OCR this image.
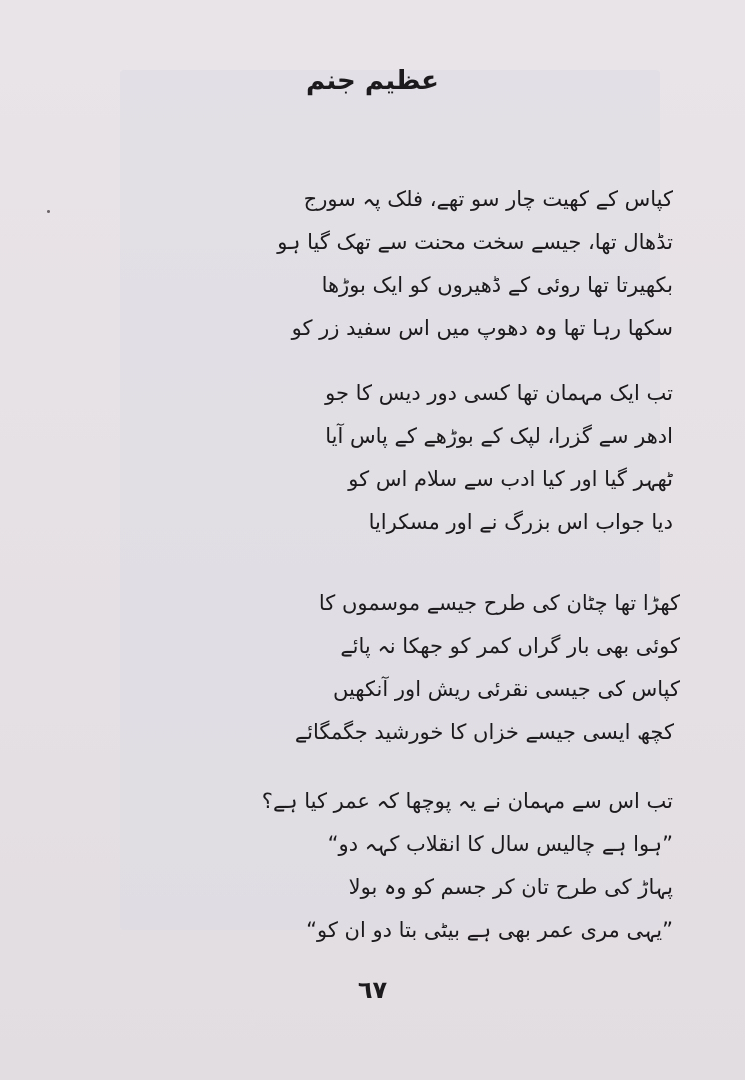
عظیم جنم
کپاس کے کھیت چار سو تھے، فلک پہ سورج
تڈھال تھا، جیسے سخت محنت سے تھک گیا ہو
بکھیرتا تھا روئی کے ڈھیروں کو ایک بوڑھا
سکھا رہا تھا وہ دھوپ میں اس سفید زر کو
تب ایک مہمان تھا کسی دور دیس کا جو
ادھر سے گزرا، لپک کے بوڑھے کے پاس آیا
ٹھہر گیا اور کیا ادب سے سلام اس کو
دیا جواب اس بزرگ نے اور مسکرایا
کھڑا تھا چٹان کی طرح جیسے موسموں کا
کوئی بھی بار گراں کمر کو جھکا نہ پائے
کپاس کی جیسی نقرئی ریش اور آنکھیں
کچھ ایسی جیسے خزاں کا خورشید جگمگائے
تب اس سے مہمان نے یہ پوچھا کہ عمر کیا ہے؟
”ہوا ہے چالیس سال کا انقلاب کہہ دو“
پہاڑ کی طرح تان کر جسم کو وہ بولا
”یہی مری عمر بھی ہے بیٹی بتا دو ان کو“
٦٧
